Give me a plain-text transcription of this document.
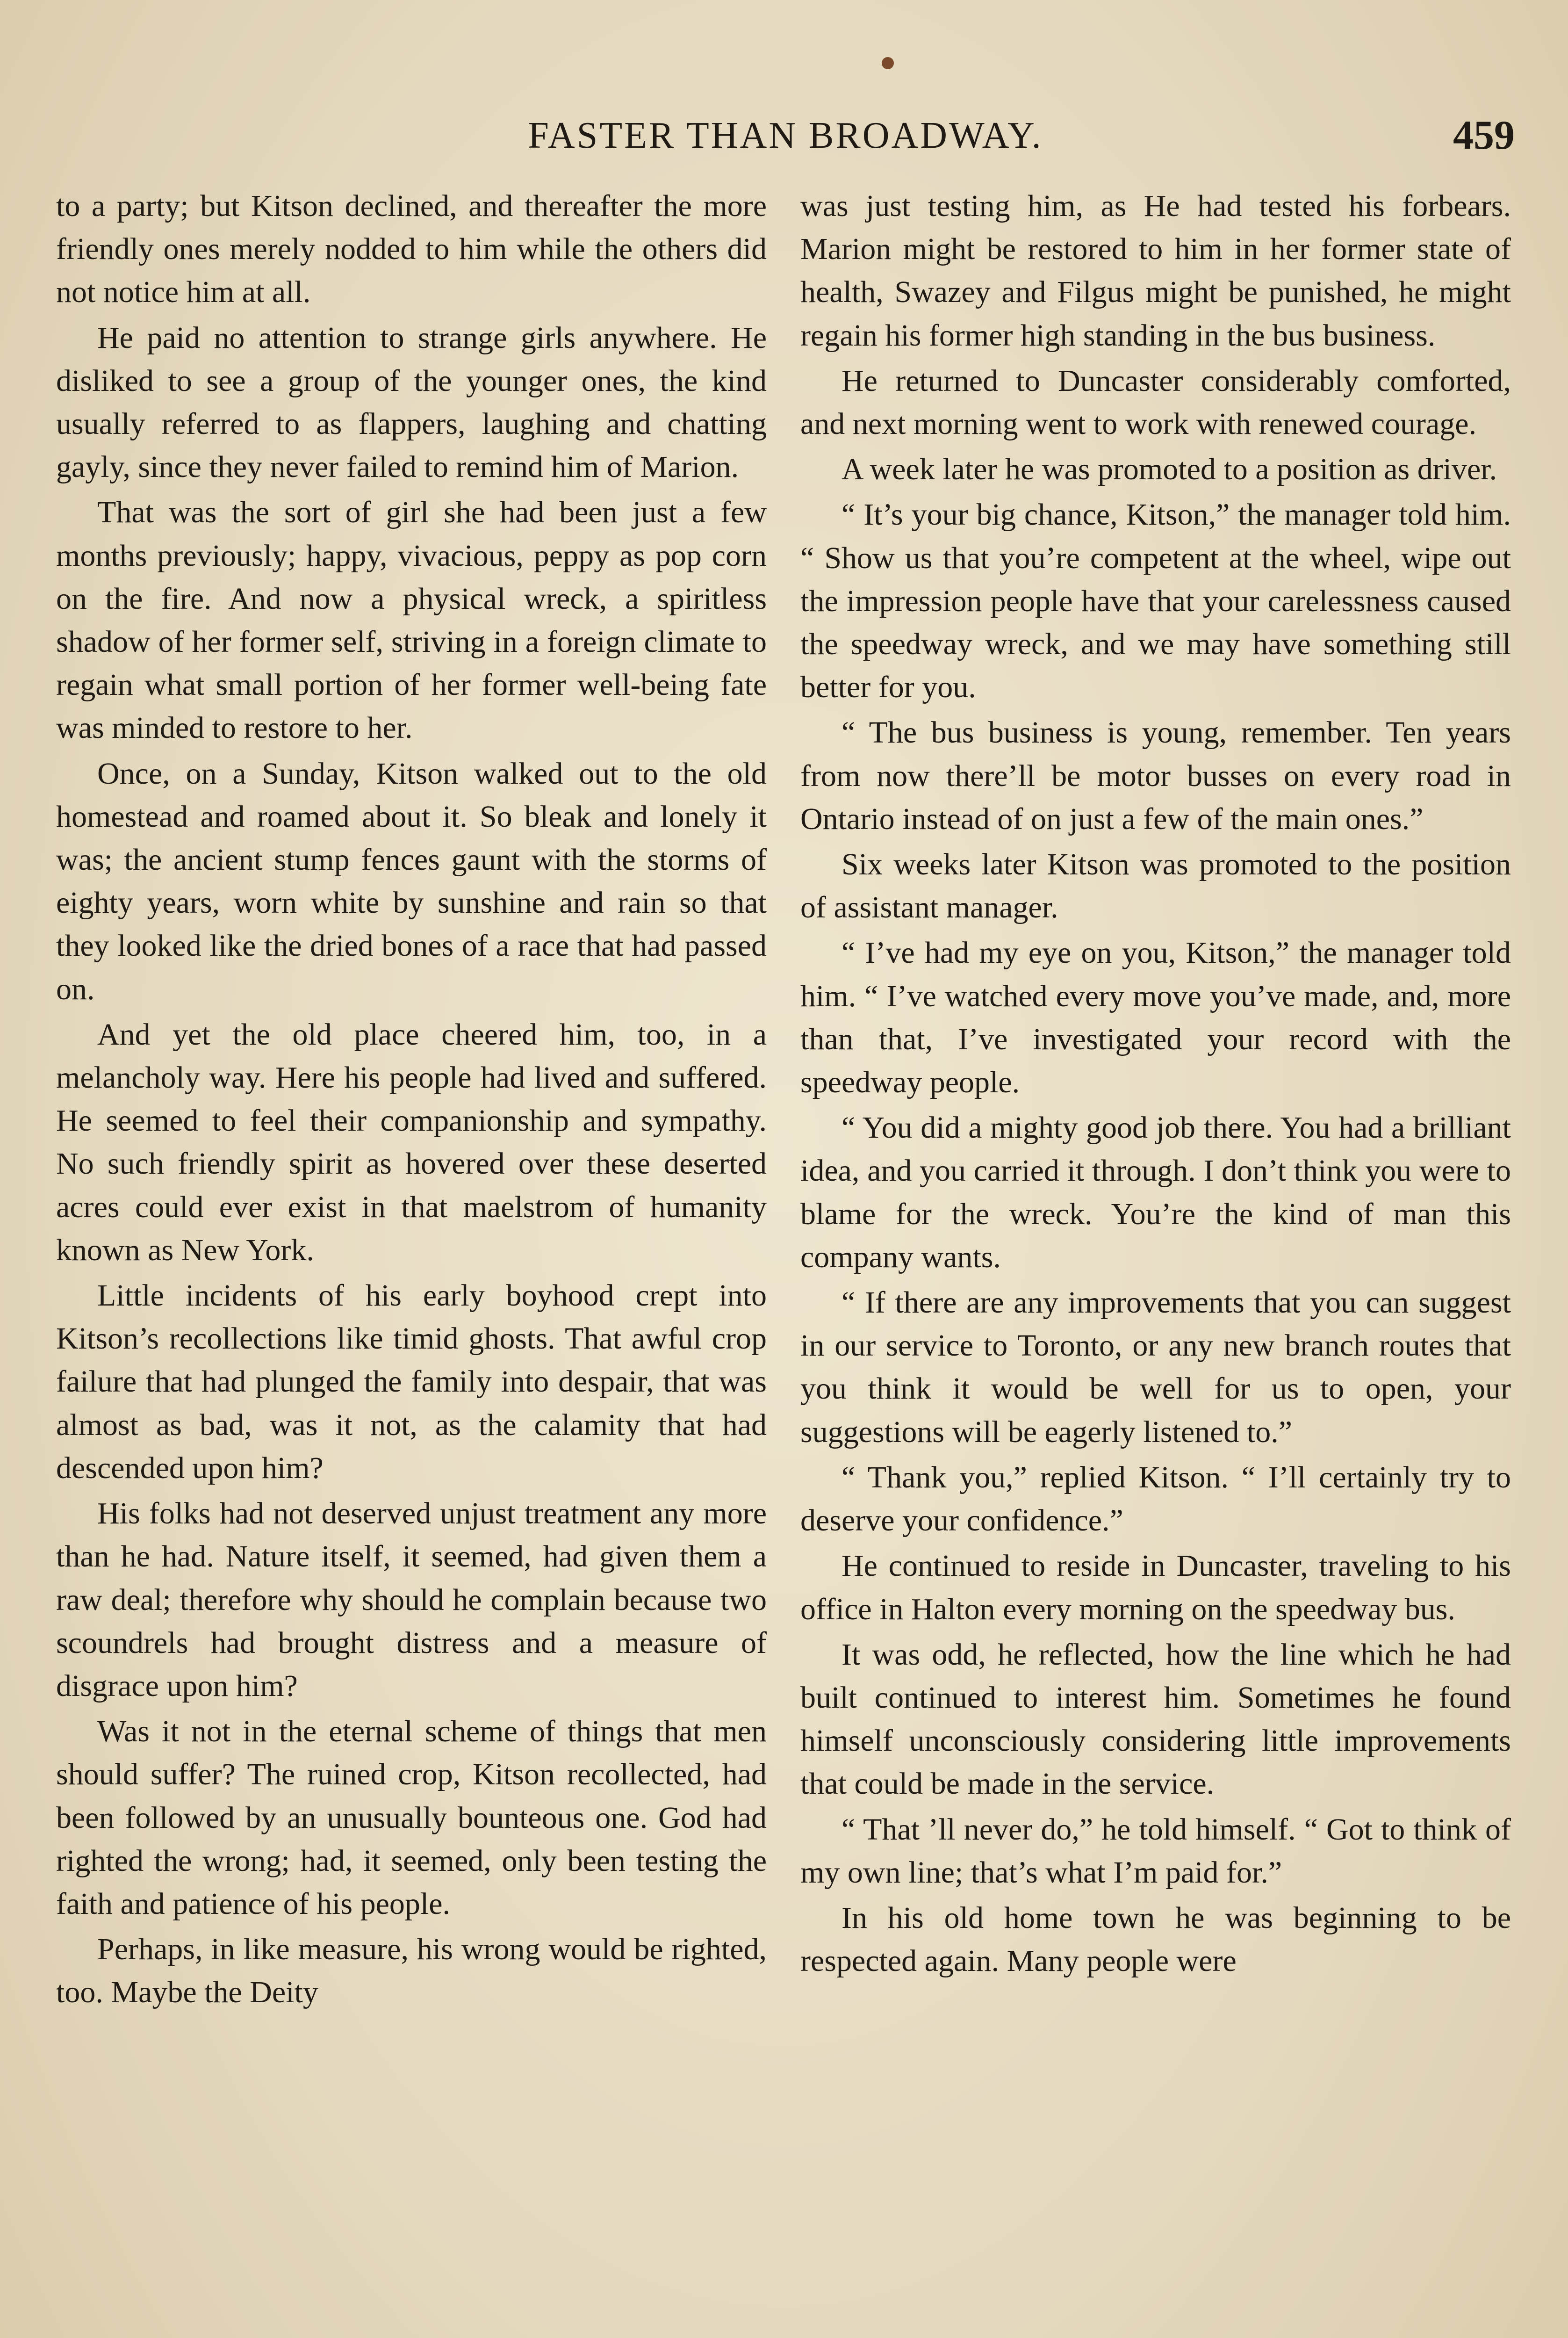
FASTER THAN BROADWAY.	459

to a party; but Kitson declined, and thereafter the more friendly ones merely nodded to him while the others did not notice him at all.

He paid no attention to strange girls anywhere. He disliked to see a group of the younger ones, the kind usually referred to as flappers, laughing and chatting gayly, since they never failed to remind him of Marion.

That was the sort of girl she had been just a few months previously; happy, vivacious, peppy as pop corn on the fire. And now a physical wreck, a spiritless shadow of her former self, striving in a foreign climate to regain what small portion of her former well-being fate was minded to restore to her.

Once, on a Sunday, Kitson walked out to the old homestead and roamed about it. So bleak and lonely it was; the ancient stump fences gaunt with the storms of eighty years, worn white by sunshine and rain so that they looked like the dried bones of a race that had passed on.

And yet the old place cheered him, too, in a melancholy way. Here his people had lived and suffered. He seemed to feel their companionship and sympathy. No such friendly spirit as hovered over these deserted acres could ever exist in that maelstrom of humanity known as New York.

Little incidents of his early boyhood crept into Kitson’s recollections like timid ghosts. That awful crop failure that had plunged the family into despair, that was almost as bad, was it not, as the calamity that had descended upon him?

His folks had not deserved unjust treatment any more than he had. Nature itself, it seemed, had given them a raw deal; therefore why should he complain because two scoundrels had brought distress and a measure of disgrace upon him?

Was it not in the eternal scheme of things that men should suffer? The ruined crop, Kitson recollected, had been followed by an unusually bounteous one. God had righted the wrong; had, it seemed, only been testing the faith and patience of his people.

Perhaps, in like measure, his wrong would be righted, too. Maybe the Deity

was just testing him, as He had tested his forbears. Marion might be restored to him in her former state of health, Swazey and Filgus might be punished, he might regain his former high standing in the bus business.

He returned to Duncaster considerably comforted, and next morning went to work with renewed courage.

A week later he was promoted to a position as driver.

“ It’s your big chance, Kitson,” the manager told him. “ Show us that you’re competent at the wheel, wipe out the impression people have that your carelessness caused the speedway wreck, and we may have something still better for you.

“ The bus business is young, remember. Ten years from now there’ll be motor busses on every road in Ontario instead of on just a few of the main ones.”

Six weeks later Kitson was promoted to the position of assistant manager.

“ I’ve had my eye on you, Kitson,” the manager told him. “ I’ve watched every move you’ve made, and, more than that, I’ve investigated your record with the speedway people.

“ You did a mighty good job there. You had a brilliant idea, and you carried it through. I don’t think you were to blame for the wreck. You’re the kind of man this company wants.

“ If there are any improvements that you can suggest in our service to Toronto, or any new branch routes that you think it would be well for us to open, your suggestions will be eagerly listened to.”

“ Thank you,” replied Kitson. “ I’ll certainly try to deserve your confidence.”

He continued to reside in Duncaster, traveling to his office in Halton every morning on the speedway bus.

It was odd, he reflected, how the line which he had built continued to interest him. Sometimes he found himself unconsciously considering little improvements that could be made in the service.

“ That ’ll never do,” he told himself. “ Got to think of my own line; that’s what I’m paid for.”

In his old home town he was beginning to be respected again. Many people were
